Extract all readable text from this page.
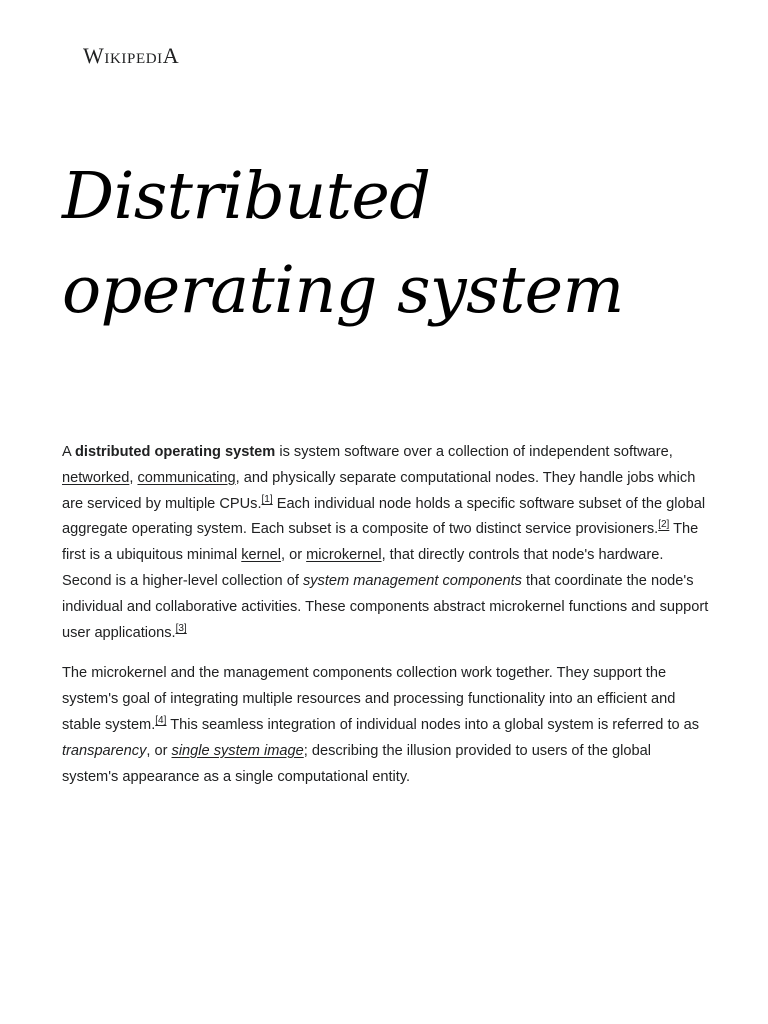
WIKIPEDIA
Distributed
operating system

A distributed operating system is system software over a collection of independent software, networked, communicating, and physically separate computational nodes. They handle jobs which are serviced by multiple CPUs.[1] Each individual node holds a specific software subset of the global aggregate operating system. Each subset is a composite of two distinct service provisioners.[2] The first is a ubiquitous minimal kernel, or microkernel, that directly controls that node's hardware. Second is a higher-level collection of system management components that coordinate the node's individual and collaborative activities. These components abstract microkernel functions and support user applications.[3]

The microkernel and the management components collection work together. They support the system's goal of integrating multiple resources and processing functionality into an efficient and stable system.[4] This seamless integration of individual nodes into a global system is referred to as transparency, or single system image; describing the illusion provided to users of the global system's appearance as a single computational entity.
